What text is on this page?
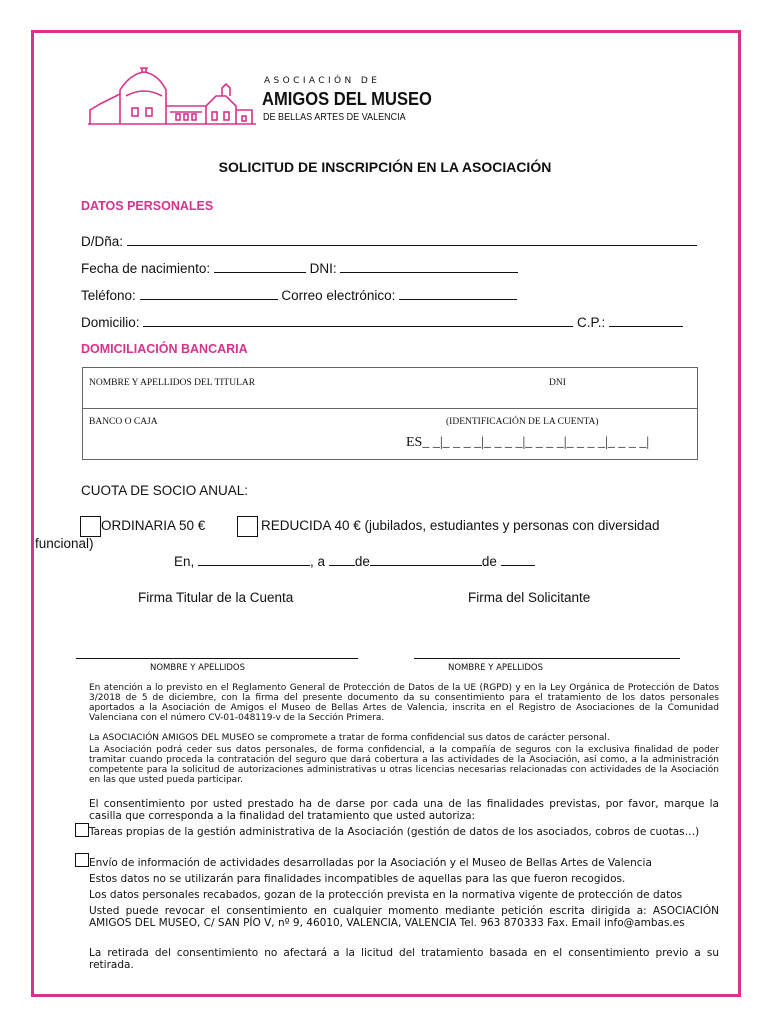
ASOCIACIÓN DE
AMIGOS DEL MUSEO
DE BELLAS ARTES DE VALENCIA
SOLICITUD DE INSCRIPCIÓN EN LA ASOCIACIÓN
DATOS PERSONALES
D/Dña:
Fecha de nacimiento:	DNI:
Teléfono:	Correo electrónico:
Domicilio:	C.P.:
DOMICILIACIÓN BANCARIA
NOMBRE Y APELLIDOS DEL TITULAR	DNI
BANCO O CAJA	(IDENTIFICACIÓN DE LA CUENTA)
ES_ _|_ _ _ _|_ _ _ _|_ _ _ _|_ _ _ _|_ _ _ _|
CUOTA DE SOCIO ANUAL:
ORDINARIA 50 €	REDUCIDA 40 € (jubilados, estudiantes y personas con diversidad
funcional)
En,	, a de	de
Firma Titular de la Cuenta	Firma del Solicitante
NOMBRE Y APELLIDOS	NOMBRE Y APELLIDOS
En atención a lo previsto en el Reglamento General de Protección de Datos de la UE (RGPD) y en la Ley Orgánica de Protección de Datos 3/2018 de 5 de diciembre, con la firma del presente documento da su consentimiento para el tratamiento de los datos personales aportados a la Asociación de Amigos el Museo de Bellas Artes de Valencia, inscrita en el Registro de Asociaciones de la Comunidad Valenciana con el número CV-01-048119-v de la Sección Primera.
La ASOCIACIÓN AMIGOS DEL MUSEO se compromete a tratar de forma confidencial sus datos de carácter personal.
La Asociación podrá ceder sus datos personales, de forma confidencial, a la compañía de seguros con la exclusiva finalidad de poder tramitar cuando proceda la contratación del seguro que dará cobertura a las actividades de la Asociación, así como, a la administración competente para la solicitud de autorizaciones administrativas u otras licencias necesarias relacionadas con actividades de la Asociación en las que usted pueda participar.
El consentimiento por usted prestado ha de darse por cada una de las finalidades previstas, por favor, marque la casilla que corresponda a la finalidad del tratamiento que usted autoriza:
Tareas propias de la gestión administrativa de la Asociación (gestión de datos de los asociados, cobros de cuotas…)
Envío de información de actividades desarrolladas por la Asociación y el Museo de Bellas Artes de Valencia
Estos datos no se utilizarán para finalidades incompatibles de aquellas para las que fueron recogidos.
Los datos personales recabados, gozan de la protección prevista en la normativa vigente de protección de datos
Usted puede revocar el consentimiento en cualquier momento mediante petición escrita dirigida a: ASOCIACIÓN AMIGOS DEL MUSEO, C/ SAN PÍO V, nº 9, 46010, VALENCIA, VALENCIA Tel. 963 870333 Fax. Email info@ambas.es
La retirada del consentimiento no afectará a la licitud del tratamiento basada en el consentimiento previo a su retirada.
